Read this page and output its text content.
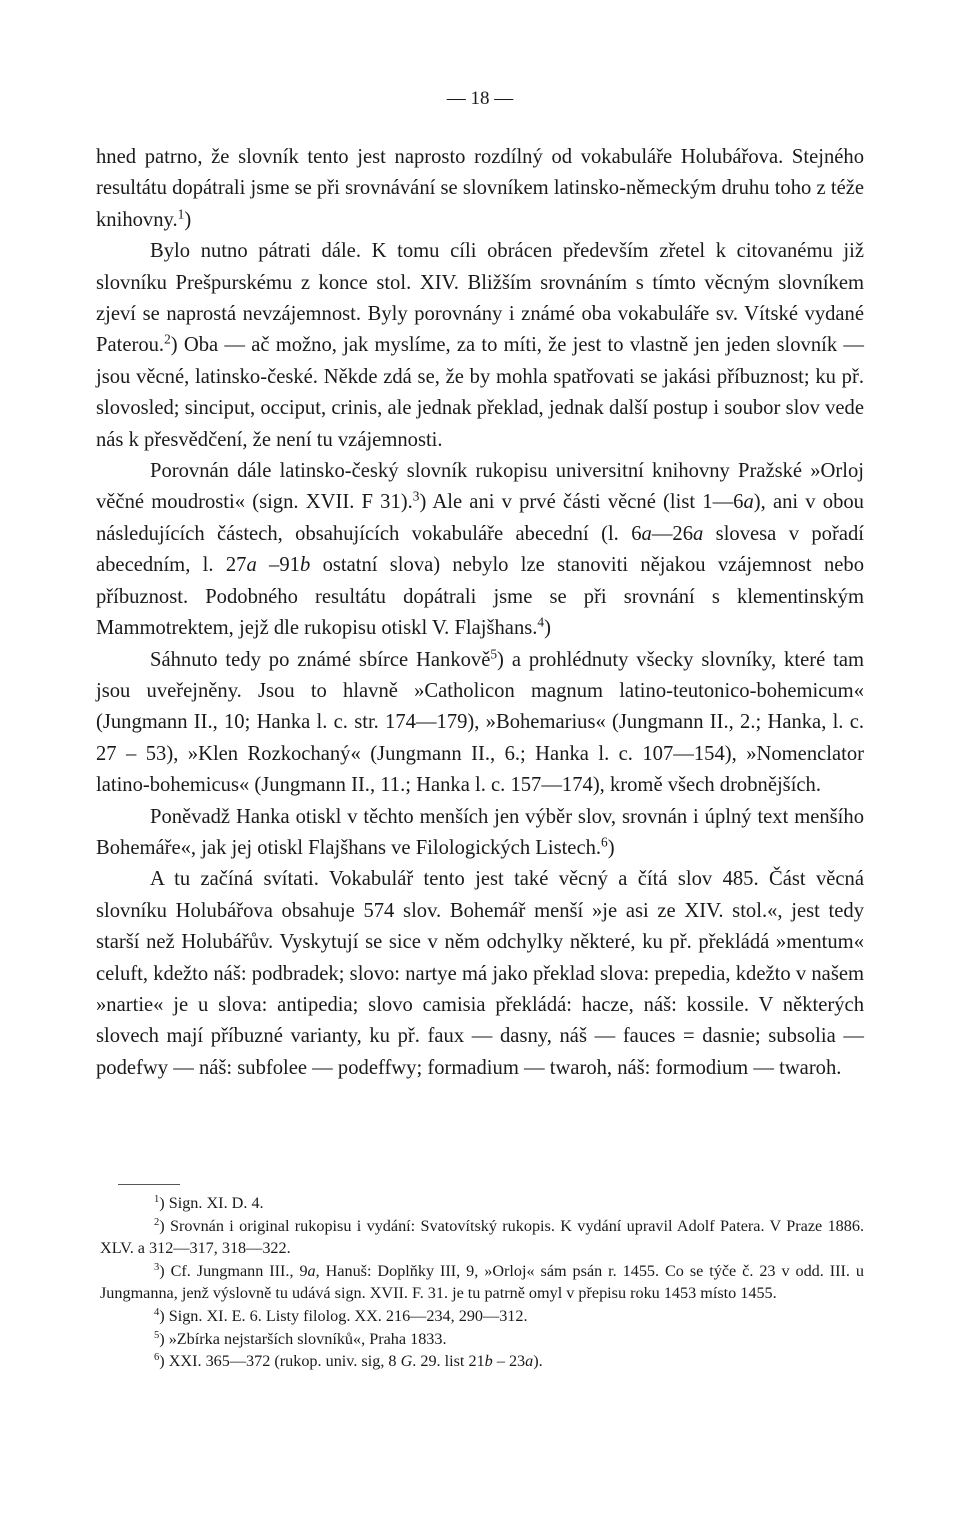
— 18 —

hned patrno, že slovník tento jest naprosto rozdílný od vokabuláře Holubářova. Stejného resultátu dopátrali jsme se při srovnávání se slovníkem latinsko-německým druhu toho z téže knihovny.$^1$)

Bylo nutno pátrati dále. K tomu cíli obrácen především zřetel k citovanému již slovníku Prešpurskému z konce stol. XIV. Bližším srovnáním s tímto věcným slovníkem zjeví se naprostá nevzájemnost. Byly porovnány i známé oba vokabuláře sv. Vítské vydané Paterou.$^2$) Oba — ač možno, jak myslíme, za to míti, že jest to vlastně jen jeden slovník — jsou věcné, latinsko-české. Někde zdá se, že by mohla spatřovati se jakási příbuznost; ku př. slovosled; sinciput, occiput, crinis, ale jednak překlad, jednak další postup i soubor slov vede nás k přesvědčení, že není tu vzájemnosti.

Porovnán dále latinsko-český slovník rukopisu universitní knihovny Pražské »Orloj věčné moudrosti« (sign. XVII. F 31).$^3$) Ale ani v prvé části věcné (list 1—6a), ani v obou následujících částech, obsahujících vokabuláře abecední (l. 6a—26a slovesa v pořadí abecedním, l. 27a –91b ostatní slova) nebylo lze stanoviti nějakou vzájemnost nebo příbuznost. Podobného resultátu dopátrali jsme se při srovnání s klementinským Mammotrektem, jejž dle rukopisu otiskl V. Flajšhans.$^4$)

Sáhnuto tedy po známé sbírce Hankově$^5$) a prohlédnuty všecky slovníky, které tam jsou uveřejněny. Jsou to hlavně »Catholicon magnum latino-teutonico-bohemicum« (Jungmann II., 10; Hanka l. c. str. 174—179), »Bohemarius« (Jungmann II., 2.; Hanka, l. c. 27 – 53), »Klen Rozkochaný« (Jungmann II., 6.; Hanka l. c. 107—154), »Nomenclator latino-bohemicus« (Jungmann II., 11.; Hanka l. c. 157—174), kromě všech drobnějších.

Poněvadž Hanka otiskl v těchto menších jen výběr slov, srovnán i úplný text menšího Bohemáře«, jak jej otiskl Flajšhans ve Filologických Listech.$^6$)

A tu začíná svítati. Vokabulář tento jest také věcný a čítá slov 485. Část věcná slovníku Holubářova obsahuje 574 slov. Bohemář menší »je asi ze XIV. stol.«, jest tedy starší než Holubářův. Vyskytují se sice v něm odchylky některé, ku př. překládá »mentum« celuft, kdežto náš: podbradek; slovo: nartye má jako překlad slova: prepedia, kdežto v našem »nartie« je u slova: antipedia; slovo camisia překládá: hacze, náš: kossile. V některých slovech mají příbuzné varianty, ku př. faux — dasny, náš — fauces = dasnie; subsolia — podefwy — náš: subfolee — podeffwy; formadium — twaroh, náš: formodium — twaroh.

$^1$) Sign. XI. D. 4.

$^2$) Srovnán i original rukopisu i vydání: Svatovítský rukopis. K vydání upravil Adolf Patera. V Praze 1886. XLV. a 312—317, 318—322.

$^3$) Cf. Jungmann III., 9a, Hanuš: Doplňky III, 9, »Orloj« sám psán r. 1455. Co se týče č. 23 v odd. III. u Jungmanna, jenž výslovně tu udává sign. XVII. F. 31. je tu patrně omyl v přepisu roku 1453 místo 1455.

$^4$) Sign. XI. E. 6. Listy filolog. XX. 216—234, 290—312.

$^5$) »Zbírka nejstarších slovníků«, Praha 1833.

$^6$) XXI. 365—372 (rukop. univ. sig, 8 G. 29. list 21b – 23a).
